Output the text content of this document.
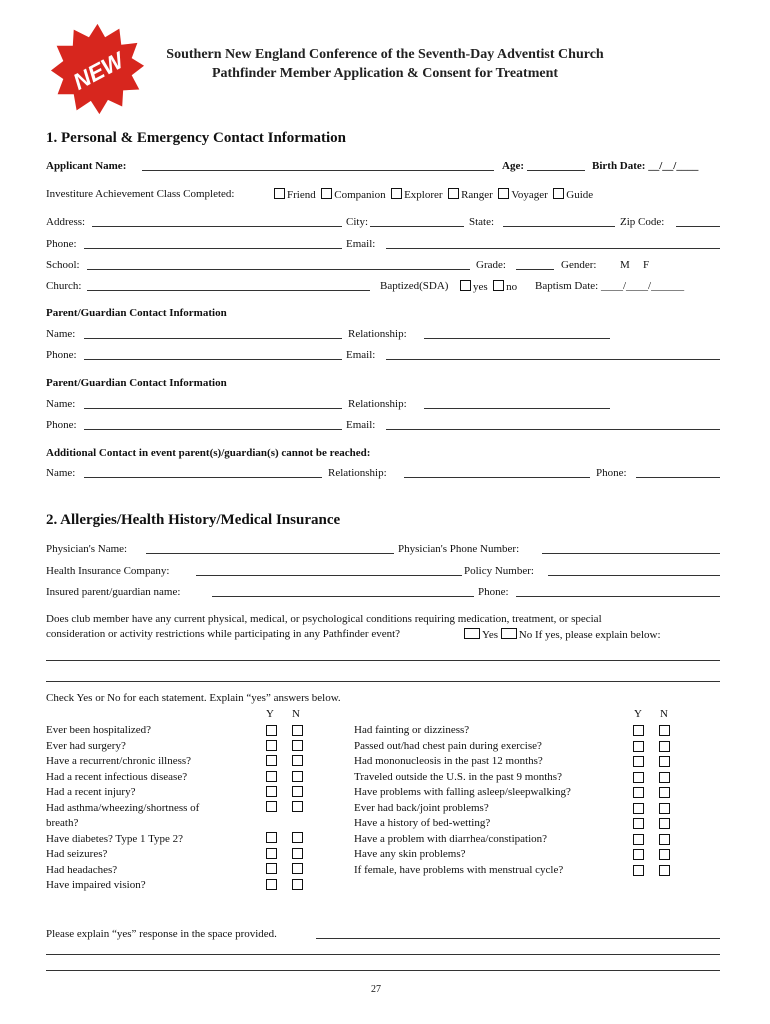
NEW	Southern New England Conference of the Seventh-Day Adventist Church
Pathfinder Member Application & Consent for Treatment
1. Personal & Emergency Contact Information
Applicant Name:	Age:	Birth Date: __/__/____
Investiture Achievement Class Completed:	Friend Companion Explorer Ranger Voyager Guide
Address:	City:	State:	Zip Code:
Phone:	Email:
School:	Grade:	Gender: M F
Church:	Baptized(SDA)	yes no Baptism Date: ____/____/______
Parent/Guardian Contact Information
Name:	Relationship:
Phone:	Email:
Parent/Guardian Contact Information
Name:	Relationship:
Phone:	Email:
Additional Contact in event parent(s)/guardian(s) cannot be reached:
Name:	Relationship:	Phone:
2. Allergies/Health History/Medical Insurance
Physician's Name:	Physician's Phone Number:
Health Insurance Company:	Policy Number:
Insured parent/guardian name:	Phone:
Does club member have any current physical, medical, or psychological conditions requiring medication, treatment, or special
consideration or activity restrictions while participating in any Pathfinder event?	Yes No If yes, please explain below:
Check Yes or No for each statement. Explain “yes” answers below.
Y N	Y N
Ever been hospitalized?
Ever had surgery?
Have a recurrent/chronic illness?
Had a recent infectious disease?
Had a recent injury?
Had asthma/wheezing/shortness of
breath?
Have diabetes? Type 1 Type 2?
Had seizures?
Had headaches?
Have impaired vision?
Had fainting or dizziness?
Passed out/had chest pain during exercise?
Had mononucleosis in the past 12 months?
Traveled outside the U.S. in the past 9 months?
Have problems with falling asleep/sleepwalking?
Ever had back/joint problems?
Have a history of bed-wetting?
Have a problem with diarrhea/constipation?
Have any skin problems?
If female, have problems with menstrual cycle?
Please explain “yes” response in the space provided.
27
